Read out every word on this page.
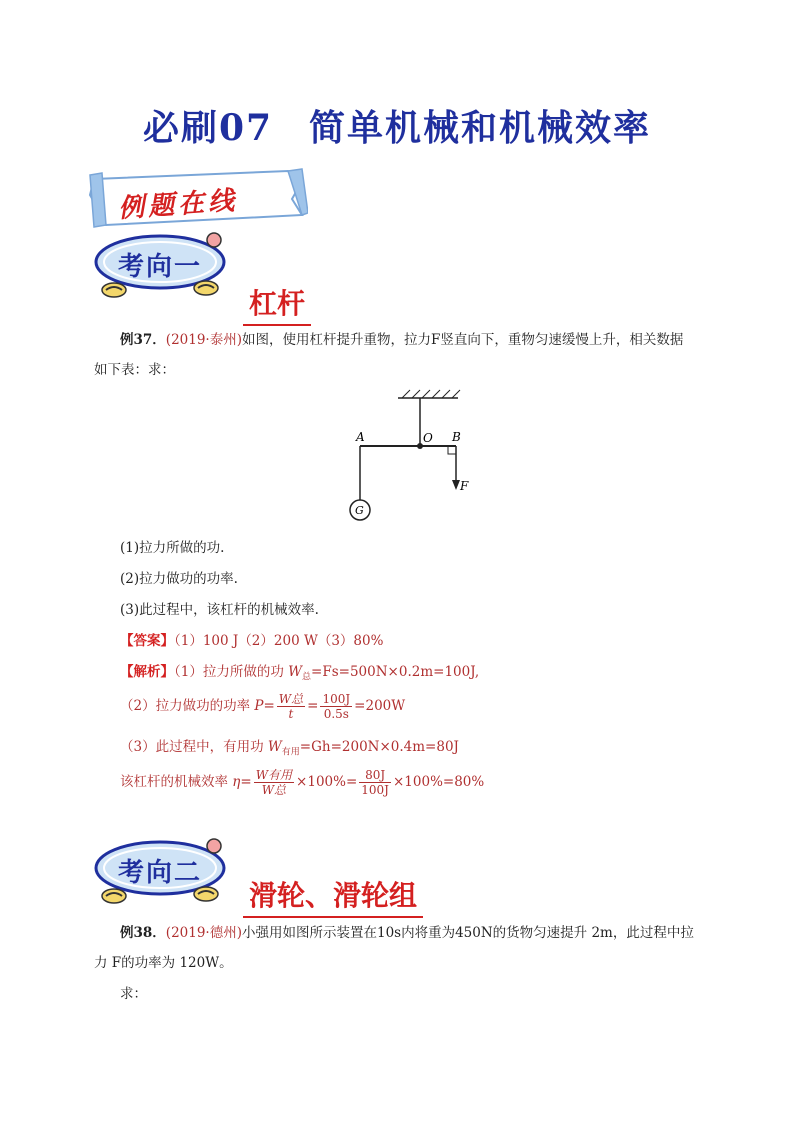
必刷07 简单机械和机械效率
例题在线
考向一
杠杆
例37．(2019·泰州)如图，使用杠杆提升重物，拉力F竖直向下，重物匀速缓慢上升，相关数据
如下表：求：
A	O B
F
G
(1)拉力所做的功.
(2)拉力做功的功率.
(3)此过程中，该杠杆的机械效率.
【答案】（1）100 J（2）200 W（3）80%
【解析】（1）拉力所做的功 $W_总=Fs=500N\times 0.2m=100J$,
（2）拉力做功的功率 $P= \frac{\text{W总}}{t} = \frac{100J}{0.5s} =200W$
（3）此过程中，有用功 $W_{有用}=Gh=200N\times 0.4m=80J$
该杠杆的机械效率 $\eta= \frac{\text{W有用}}{\text{W总}} \times 100\%= \frac{80J}{100J} \times 100\%=80\%$
考向二
滑轮、滑轮组
例38．(2019·德州)小强用如图所示装置在10s内将重为450N的货物匀速提升 2m，此过程中拉
力 F的功率为 120W。
求：
